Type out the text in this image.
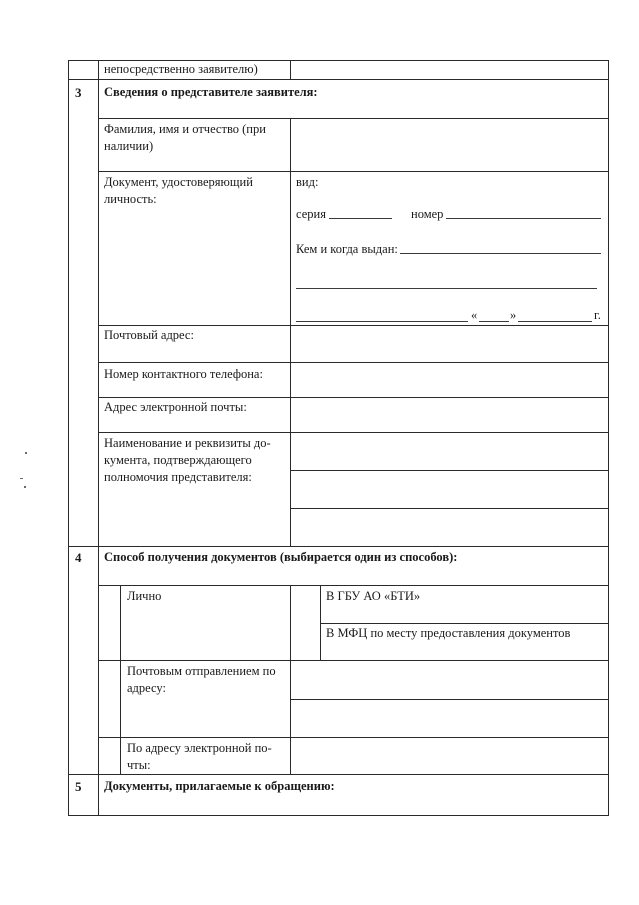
непосредственно заявителю)
3 Сведения о представителе заявителя:
Фамилия, имя и отчество (при
наличии)
Документ, удостоверяющий
личность:
вид:
серия	номер
Кем и когда выдан:
«	»	г.
Почтовый адрес:
Номер контактного телефона:
Адрес электронной почты:
Наименование и реквизиты до-
кумента, подтверждающего
полномочия представителя:
4 Способ получения документов (выбирается один из способов):
Лично	В ГБУ АО «БТИ»
В МФЦ по месту предоставления документов
Почтовым отправлением по
адресу:
По адресу электронной по-
чты:
5 Документы, прилагаемые к обращению:
